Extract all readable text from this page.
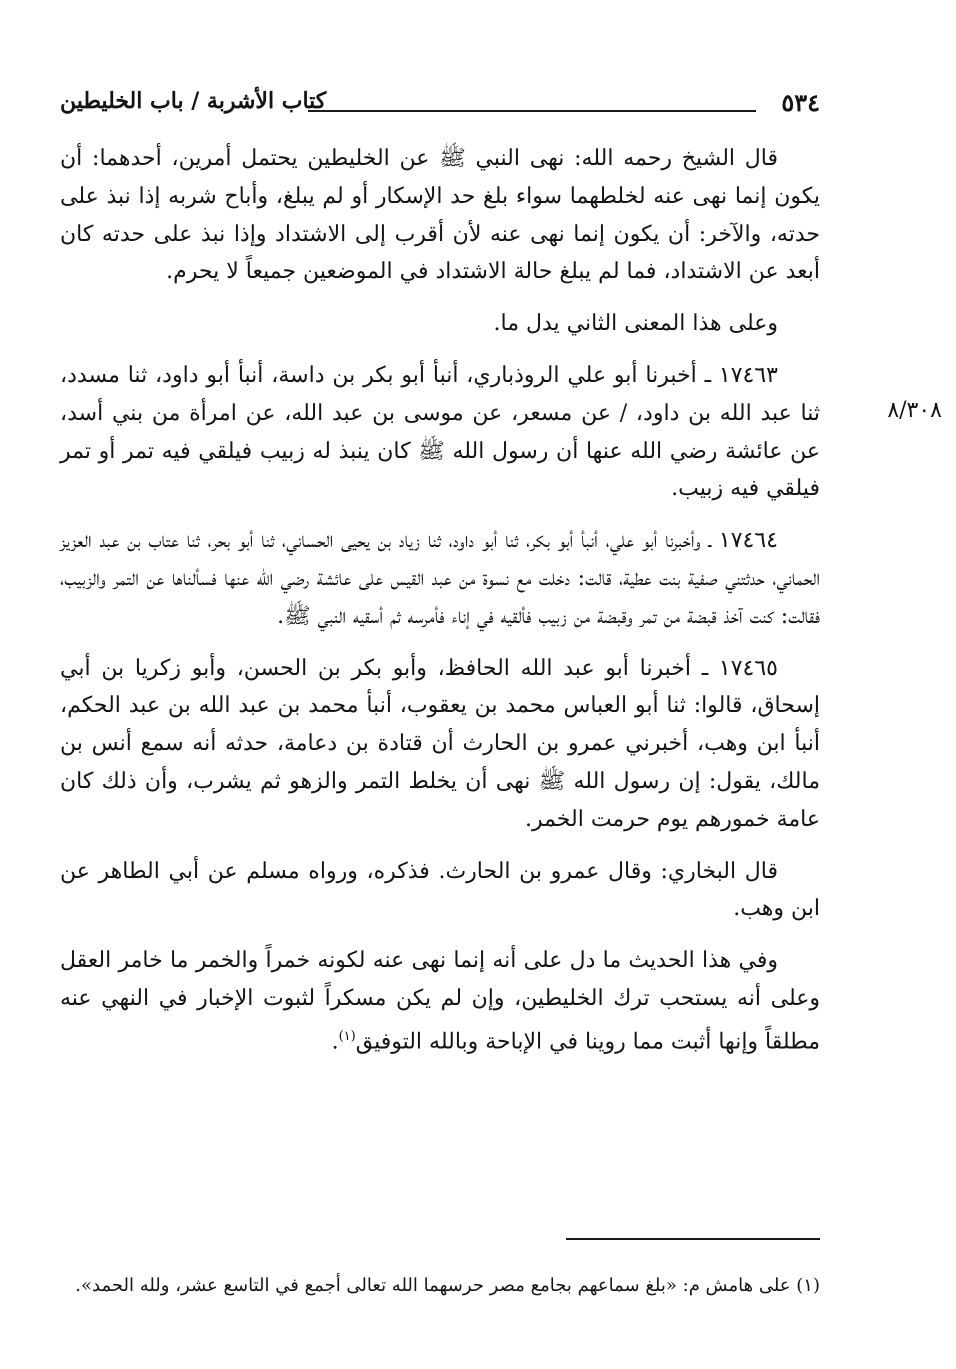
٥٣٤
كتاب الأشربة / باب الخليطين
٨/٣٠٨

قال الشيخ رحمه الله: نهى النبي ﷺ عن الخليطين يحتمل أمرين، أحدهما: أن يكون إنما نهى عنه لخلطهما سواء بلغ حد الإسكار أو لم يبلغ، وأباح شربه إذا نبذ على حدته، والآخر: أن يكون إنما نهى عنه لأن أقرب إلى الاشتداد وإذا نبذ على حدته كان أبعد عن الاشتداد، فما لم يبلغ حالة الاشتداد في الموضعين جميعاً لا يحرم.

وعلى هذا المعنى الثاني يدل ما.

١٧٤٦٣ ـ أخبرنا أبو علي الروذباري، أنبأ أبو بكر بن داسة، أنبأ أبو داود، ثنا مسدد، ثنا عبد الله بن داود، / عن مسعر، عن موسى بن عبد الله، عن امرأة من بني أسد، عن عائشة رضي الله عنها أن رسول الله ﷺ كان ينبذ له زبيب فيلقي فيه تمر أو تمر فيلقي فيه زبيب.

١٧٤٦٤ ـ وأخبرنا أبو علي، أنبأ أبو بكر، ثنا أبو داود، ثنا زياد بن يحيى الحساني، ثنا أبو بحر، ثنا عتاب بن عبد العزيز الحماني، حدثتني صفية بنت عطية، قالت: دخلت مع نسوة من عبد القيس على عائشة رضي الله عنها فسألناها عن التمر والزبيب، فقالت: كنت آخذ قبضة من تمر وقبضة من زبيب فألقيه في إناء فأمرسه ثم أسقيه النبي ﷺ.

١٧٤٦٥ ـ أخبرنا أبو عبد الله الحافظ، وأبو بكر بن الحسن، وأبو زكريا بن أبي إسحاق، قالوا: ثنا أبو العباس محمد بن يعقوب، أنبأ محمد بن عبد الله بن عبد الحكم، أنبأ ابن وهب، أخبرني عمرو بن الحارث أن قتادة بن دعامة، حدثه أنه سمع أنس بن مالك، يقول: إن رسول الله ﷺ نهى أن يخلط التمر والزهو ثم يشرب، وأن ذلك كان عامة خمورهم يوم حرمت الخمر.

قال البخاري: وقال عمرو بن الحارث. فذكره، ورواه مسلم عن أبي الطاهر عن ابن وهب.

وفي هذا الحديث ما دل على أنه إنما نهى عنه لكونه خمراً والخمر ما خامر العقل وعلى أنه يستحب ترك الخليطين، وإن لم يكن مسكراً لثبوت الإخبار في النهي عنه مطلقاً وإنها أثبت مما روينا في الإباحة وبالله التوفيق$^{(١)}$.

(١) على هامش م: «بلغ سماعهم بجامع مصر حرسهما الله تعالى أجمع في التاسع عشر، ولله الحمد».
